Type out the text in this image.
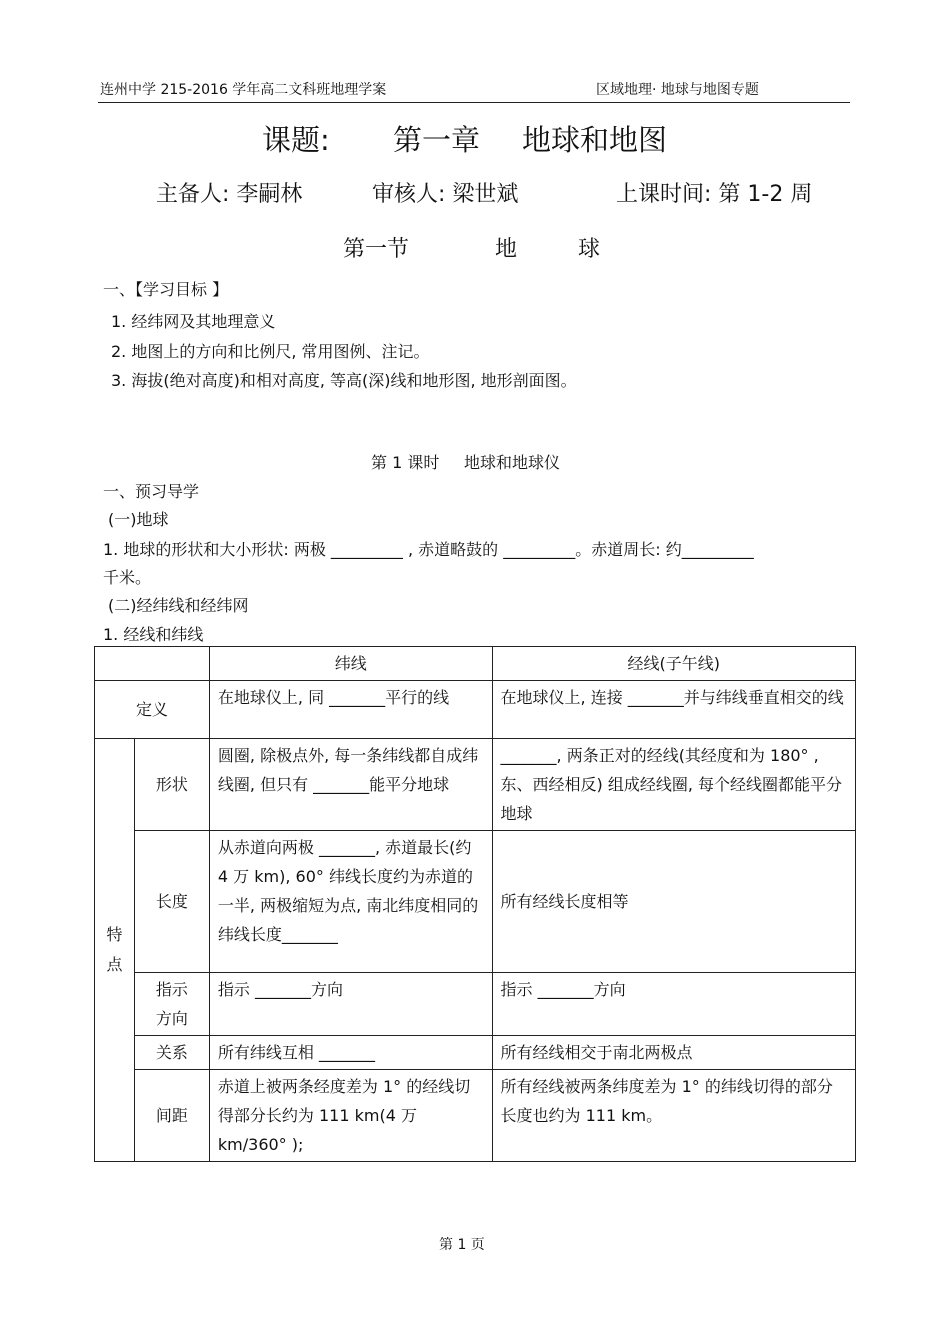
连州中学 215-2016 学年高二文科班地理学案	区域地理· 地球与地图专题
课题: 第一章 地球和地图
主备人: 李嗣林	审核人: 梁世斌	上课时间: 第 1-2 周
第一节	地	球
一、【学习目标 】
1. 经纬网及其地理意义
2. 地图上的方向和比例尺, 常用图例、注记。
3. 海拔(绝对高度)和相对高度, 等高(深)线和地形图, 地形剖面图。
第 1 课时 地球和地球仪
一、预习导学
(一)地球
1. 地球的形状和大小形状: 两极 _________ , 赤道略鼓的 _________。赤道周长: 约_________
千米。
(二)经纬线和经纬网
1. 经线和纬线
		纬线	经线(子午线)
定义		在地球仪上, 同 _______平行的线	在地球仪上, 连接 _______并与纬线垂直相交的线

特
点	形状	圆圈, 除极点外, 每一条纬线都自成纬线圈, 但只有 _______能平分地球	_______, 两条正对的经线(其经度和为 180° , 东、西经相反) 组成经线圈, 每个经线圈都能平分地球
	长度	从赤道向两极 _______, 赤道最长(约 4 万 km), 60° 纬线长度约为赤道的一半, 两极缩短为点, 南北纬度相同的纬线长度_______	所有经线长度相等

	指示
方向	指示 _______方向	指示 _______方向
	关系	所有纬线互相 _______	所有经线相交于南北两极点
	间距	赤道上被两条经度差为 1° 的经线切得部分长约为 111 km(4 万km/360° );	所有经线被两条纬度差为 1° 的纬线切得的部分长度也约为 111 km。
第 1 页
